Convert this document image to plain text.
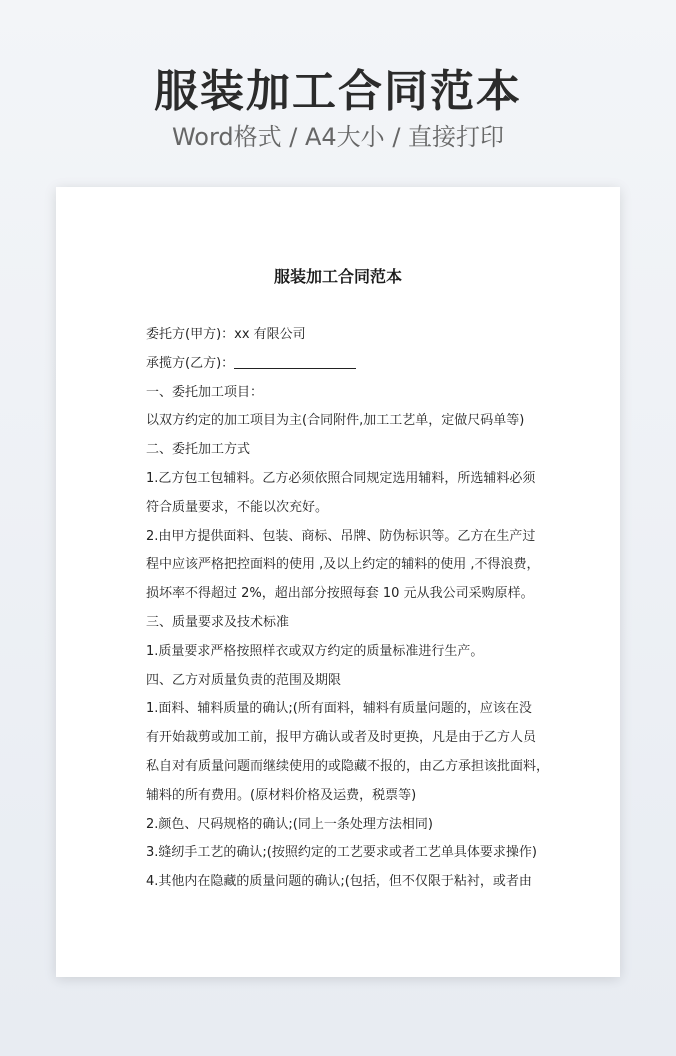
服装加工合同范本
Word格式 / A4大小 / 直接打印
服装加工合同范本
委托方(甲方)：xx 有限公司
承揽方(乙方)：
一、委托加工项目：
以双方约定的加工项目为主(合同附件,加工工艺单，定做尺码单等)
二、委托加工方式
1.乙方包工包辅料。乙方必须依照合同规定选用辅料，所选辅料必须
符合质量要求，不能以次充好。
2.由甲方提供面料、包装、商标、吊牌、防伪标识等。乙方在生产过
程中应该严格把控面料的使用 ,及以上约定的辅料的使用 ,不得浪费，
损坏率不得超过 2%，超出部分按照每套 10 元从我公司采购原样。
三、质量要求及技术标准
1.质量要求严格按照样衣或双方约定的质量标准进行生产。
四、乙方对质量负责的范围及期限
1.面料、辅料质量的确认;(所有面料，辅料有质量问题的，应该在没
有开始裁剪或加工前，报甲方确认或者及时更换，凡是由于乙方人员
私自对有质量问题而继续使用的或隐藏不报的，由乙方承担该批面料，
辅料的所有费用。(原材料价格及运费，税票等)
2.颜色、尺码规格的确认;(同上一条处理方法相同)
3.缝纫手工艺的确认;(按照约定的工艺要求或者工艺单具体要求操作)
4.其他内在隐藏的质量问题的确认;(包括，但不仅限于粘衬，或者由
